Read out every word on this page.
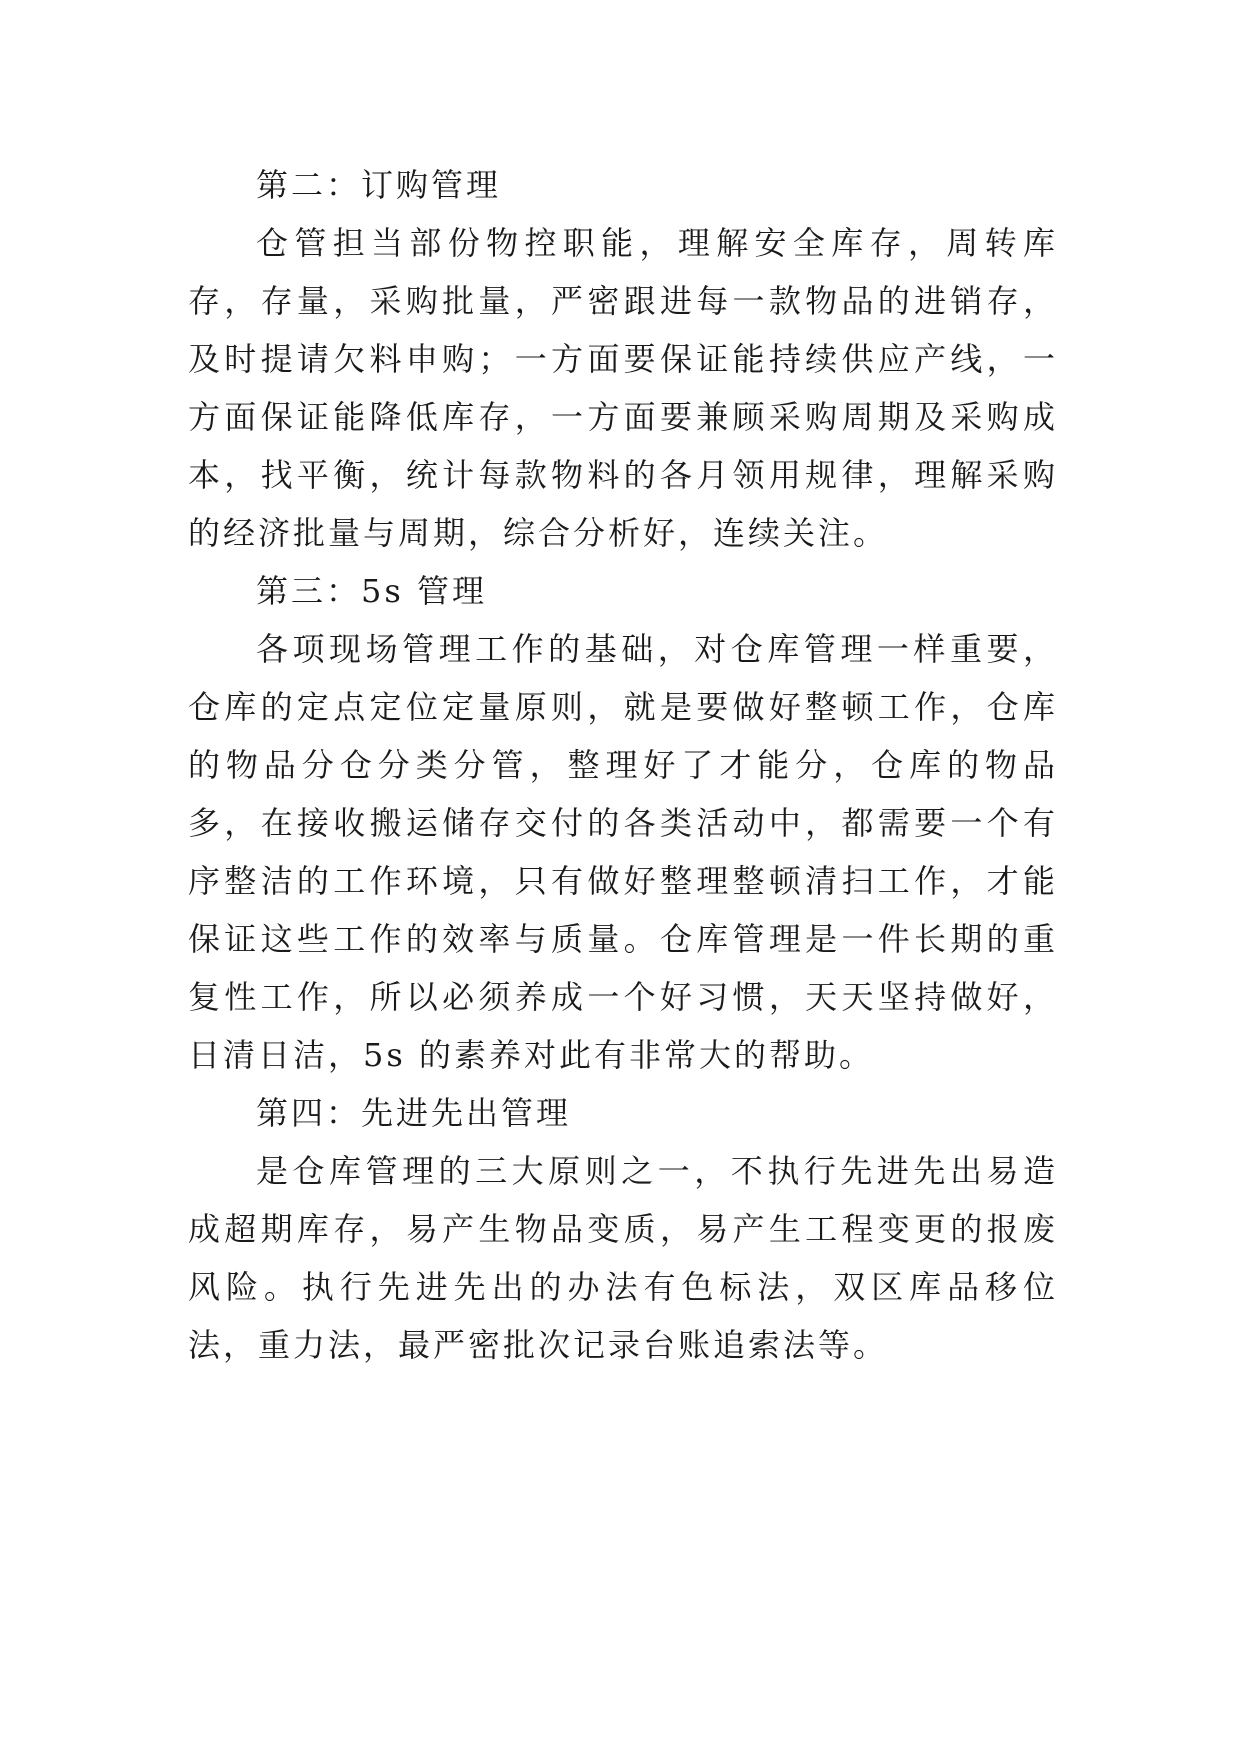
第二：订购管理

仓管担当部份物控职能，理解安全库存，周转库存，存量，采购批量，严密跟进每一款物品的进销存，及时提请欠料申购；一方面要保证能持续供应产线，一方面保证能降低库存，一方面要兼顾采购周期及采购成本，找平衡，统计每款物料的各月领用规律，理解采购的经济批量与周期，综合分析好，连续关注。

第三：5s 管理

各项现场管理工作的基础，对仓库管理一样重要，仓库的定点定位定量原则，就是要做好整顿工作，仓库的物品分仓分类分管，整理好了才能分，仓库的物品多，在接收搬运储存交付的各类活动中，都需要一个有序整洁的工作环境，只有做好整理整顿清扫工作，才能保证这些工作的效率与质量。仓库管理是一件长期的重复性工作，所以必须养成一个好习惯，天天坚持做好，日清日洁，5s 的素养对此有非常大的帮助。

第四：先进先出管理

是仓库管理的三大原则之一，不执行先进先出易造成超期库存，易产生物品变质，易产生工程变更的报废风险。执行先进先出的办法有色标法，双区库品移位法，重力法，最严密批次记录台账追索法等。
